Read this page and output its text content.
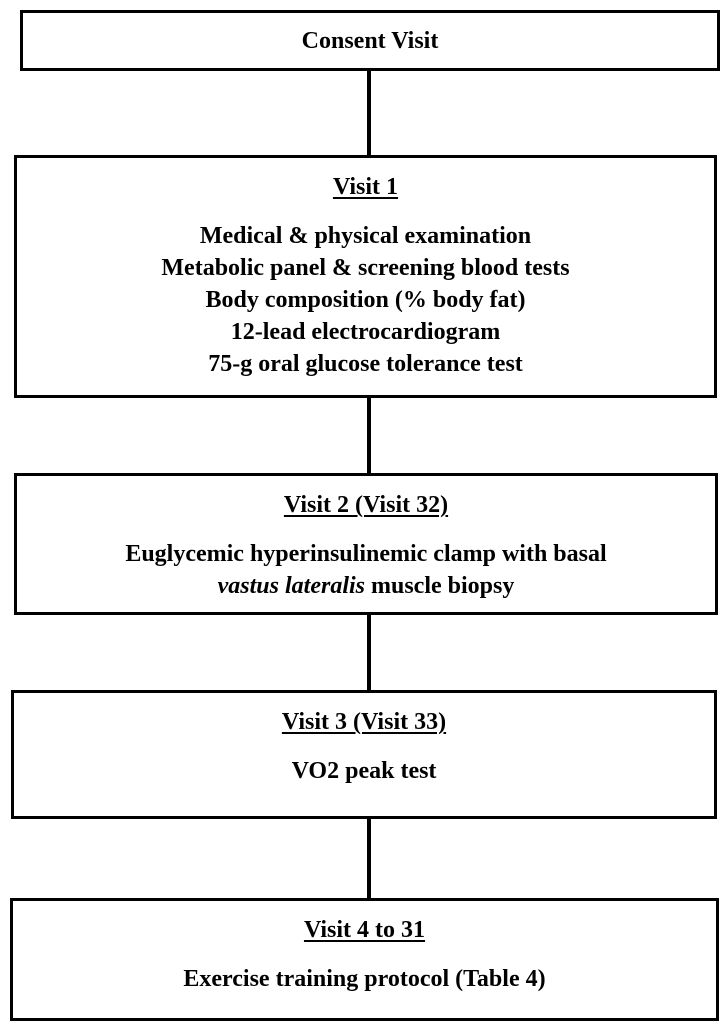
Consent Visit
Visit 1
Medical & physical examination
Metabolic panel & screening blood tests
Body composition (% body fat)
12-lead electrocardiogram
75-g oral glucose tolerance test
Visit 2 (Visit 32)
Euglycemic hyperinsulinemic clamp with basal
vastus lateralis muscle biopsy
Visit 3 (Visit 33)
VO2 peak test
Visit 4 to 31
Exercise training protocol (Table 4)
